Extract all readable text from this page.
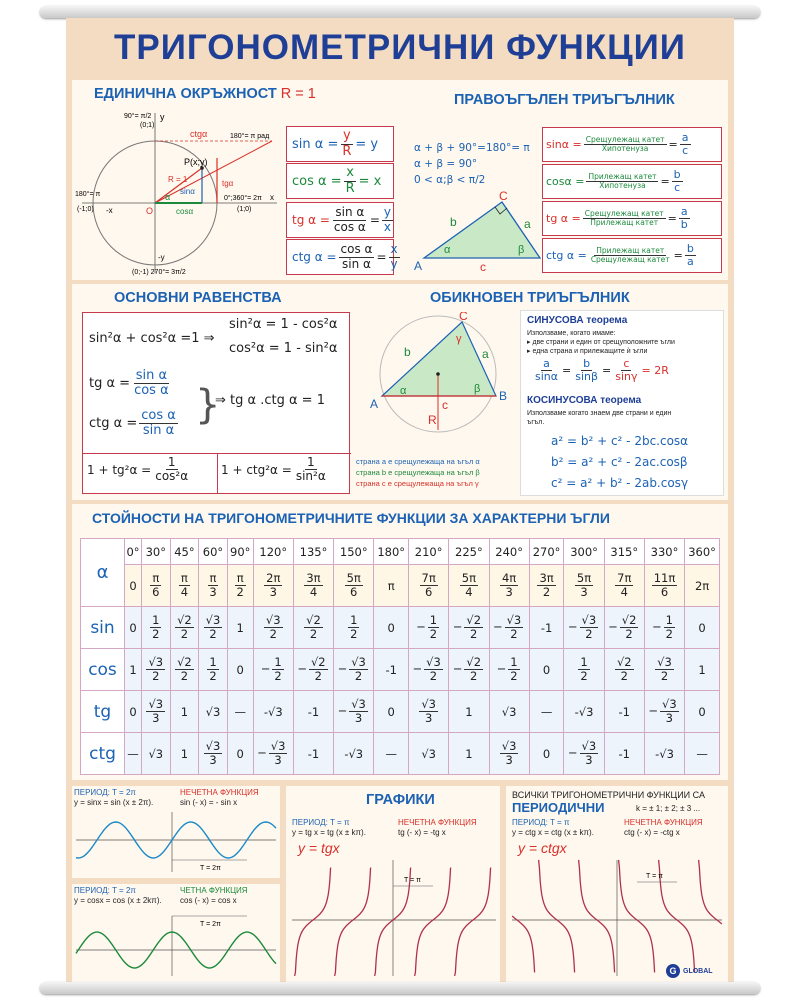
ТРИГОНОМЕТРИЧНИ ФУНКЦИИ
ЕДИНИЧНА ОКРЪЖНОСТ R = 1
90°= π/2
(0;1)
y
ctgα	180°= π рад
P(x;y)
R = 1	tgα
sinα
cosα
α
180°= π
(-1;0) -x	O
x
0°;360°= 2π
(1;0)
-y
(0;-1) 270°= 3π/2
$\sin \alpha = \frac{y}{R} = y$
$\cos \alpha = \frac{x}{R} = x$
tg $\alpha = \frac{\text{sin α}}{\text{cos α}} = \frac{y}{x}$
ctg $\alpha = \frac{\text{cos α}}{\text{sin α}} = \frac{x}{y}$
ПРАВОЪГЪЛЕН ТРИЪГЪЛНИК
α + β + 90°=180°= π
α + β = 90°
0 < α;β < π/2
A
C
a
b
c
α	β
$\sin\alpha = \frac{\text{Срещулежащ катет}}{\text{Хипотенуза}} = \frac{a}{c}$
$\cos\alpha = \frac{\text{Прилежащ катет}}{\text{Хипотенуза}} = \frac{b}{c}$
tg $\alpha = \frac{\text{Срещулежащ катет}}{\text{Прилежащ катет}} = \frac{a}{b}$
ctg $\alpha = \frac{\text{Прилежащ катет}}{\text{Срещулежащ катет}} = \frac{b}{a}$
ОСНОВНИ РАВЕНСТВА
sin²α + cos²α =1 ⇒
sin²α = 1 - cos²α
cos²α = 1 - sin²α
tg $\alpha = \frac{\text{sin α}}{\text{cos α}}$
ctg $\alpha = \frac{\text{cos α}}{\text{sin α}}$ }
⇒ tg α .ctg α = 1
$1 + tg^2\alpha = \frac{1}{\text{cos²α}}$	$1 + ctg^2\alpha = \frac{1}{\text{sin²α}}$
ОБИКНОВЕН ТРИЪГЪЛНИК
A
B
C
a
b
c
R
α	β
γ
страна a е срещулежаща на ъгъл α
страна b е срещулежаща на ъгъл β
страна c е срещулежаща на ъгъл γ
СИНУСОВА теорема
Използваме, когато имаме:
▸ две страни и един от срещуположните ъгли
▸ една страна и прилежащите ѝ ъгли
$\frac{a}{\sin\alpha} = \frac{b}{\sin\beta} = \frac{c}{\sin\gamma} = 2R$
КОСИНУСОВА теорема
Използваме когато знаем две страни и един
ъгъл.
a² = b² + c² - 2bc.cosα
b² = a² + c² - 2ac.cosβ
c² = a² + b² - 2ab.cosγ
СТОЙНОСТИ НА ТРИГОНОМЕТРИЧНИТЕ ФУНКЦИИ ЗА ХАРАКТЕРНИ ЪГЛИ
α	0°	30°	45°	60°	90°	120°	135°	150°	180°	210°	225°	240°	270°	300°	315°	330°	360°
	0	$\frac{\pi}{6}$	$\frac{\pi}{4}$	$\frac{\pi}{3}$	$\frac{\pi}{2}$	$\frac{2\pi}{3}$	$\frac{3\pi}{4}$	$\frac{5\pi}{6}$	π	$\frac{7\pi}{6}$	$\frac{5\pi}{4}$	$\frac{4\pi}{3}$	$\frac{3\pi}{2}$	$\frac{5\pi}{3}$	$\frac{7\pi}{4}$	$\frac{11\pi}{6}$	2π
sin	0	$\frac{1}{2}$	$\frac{√2}{2}$	$\frac{√3}{2}$	1	$\frac{√3}{2}$	$\frac{√2}{2}$	$\frac{1}{2}$	0	− $\frac{1}{2}$	− $\frac{√2}{2}$	− $\frac{√3}{2}$	-1	− $\frac{√3}{2}$	− $\frac{√2}{2}$	− $\frac{1}{2}$	0
cos	1	$\frac{√3}{2}$	$\frac{√2}{2}$	$\frac{1}{2}$	0	− $\frac{1}{2}$	− $\frac{√2}{2}$	− $\frac{√3}{2}$	-1	− $\frac{√3}{2}$	− $\frac{√2}{2}$	− $\frac{1}{2}$	0	$\frac{1}{2}$	$\frac{√2}{2}$	$\frac{√3}{2}$	1
tg	0	$\frac{√3}{3}$	1	√3	—	-√3	-1	− $\frac{√3}{3}$	0	$\frac{√3}{3}$	1	√3	—	-√3	-1	− $\frac{√3}{3}$	0
ctg	—	√3	1	$\frac{√3}{3}$	0	− $\frac{√3}{3}$	-1	-√3	—	√3	1	$\frac{√3}{3}$	0	− $\frac{√3}{3}$	-1	-√3	—
ПЕРИОД: T = 2π
y = sinx = sin (x ± 2π).
НЕЧЕТНА ФУНКЦИЯ
sin (- x) = - sin x
T = 2π
ПЕРИОД: T = 2π
y = cosx = cos (x ± 2kπ).
ЧЕТНА ФУНКЦИЯ
cos (- x) = cos x
T = 2π
ГРАФИКИ
ПЕРИОД: T = π
y = tg x = tg (x ± kπ).
НЕЧЕТНА ФУНКЦИЯ
tg (- x) = -tg x
y = tgx
T = π
ВСИЧКИ ТРИГОНОМЕТРИЧНИ ФУНКЦИИ СА
ПЕРИОДИЧНИ	k = ± 1; ± 2; ± 3 ...
ПЕРИОД: T = π
y = ctg x = ctg (x ± kπ).
НЕЧЕТНА ФУНКЦИЯ
ctg (- x) = -ctg x
y = ctgx
T = π
G GLOBAL
